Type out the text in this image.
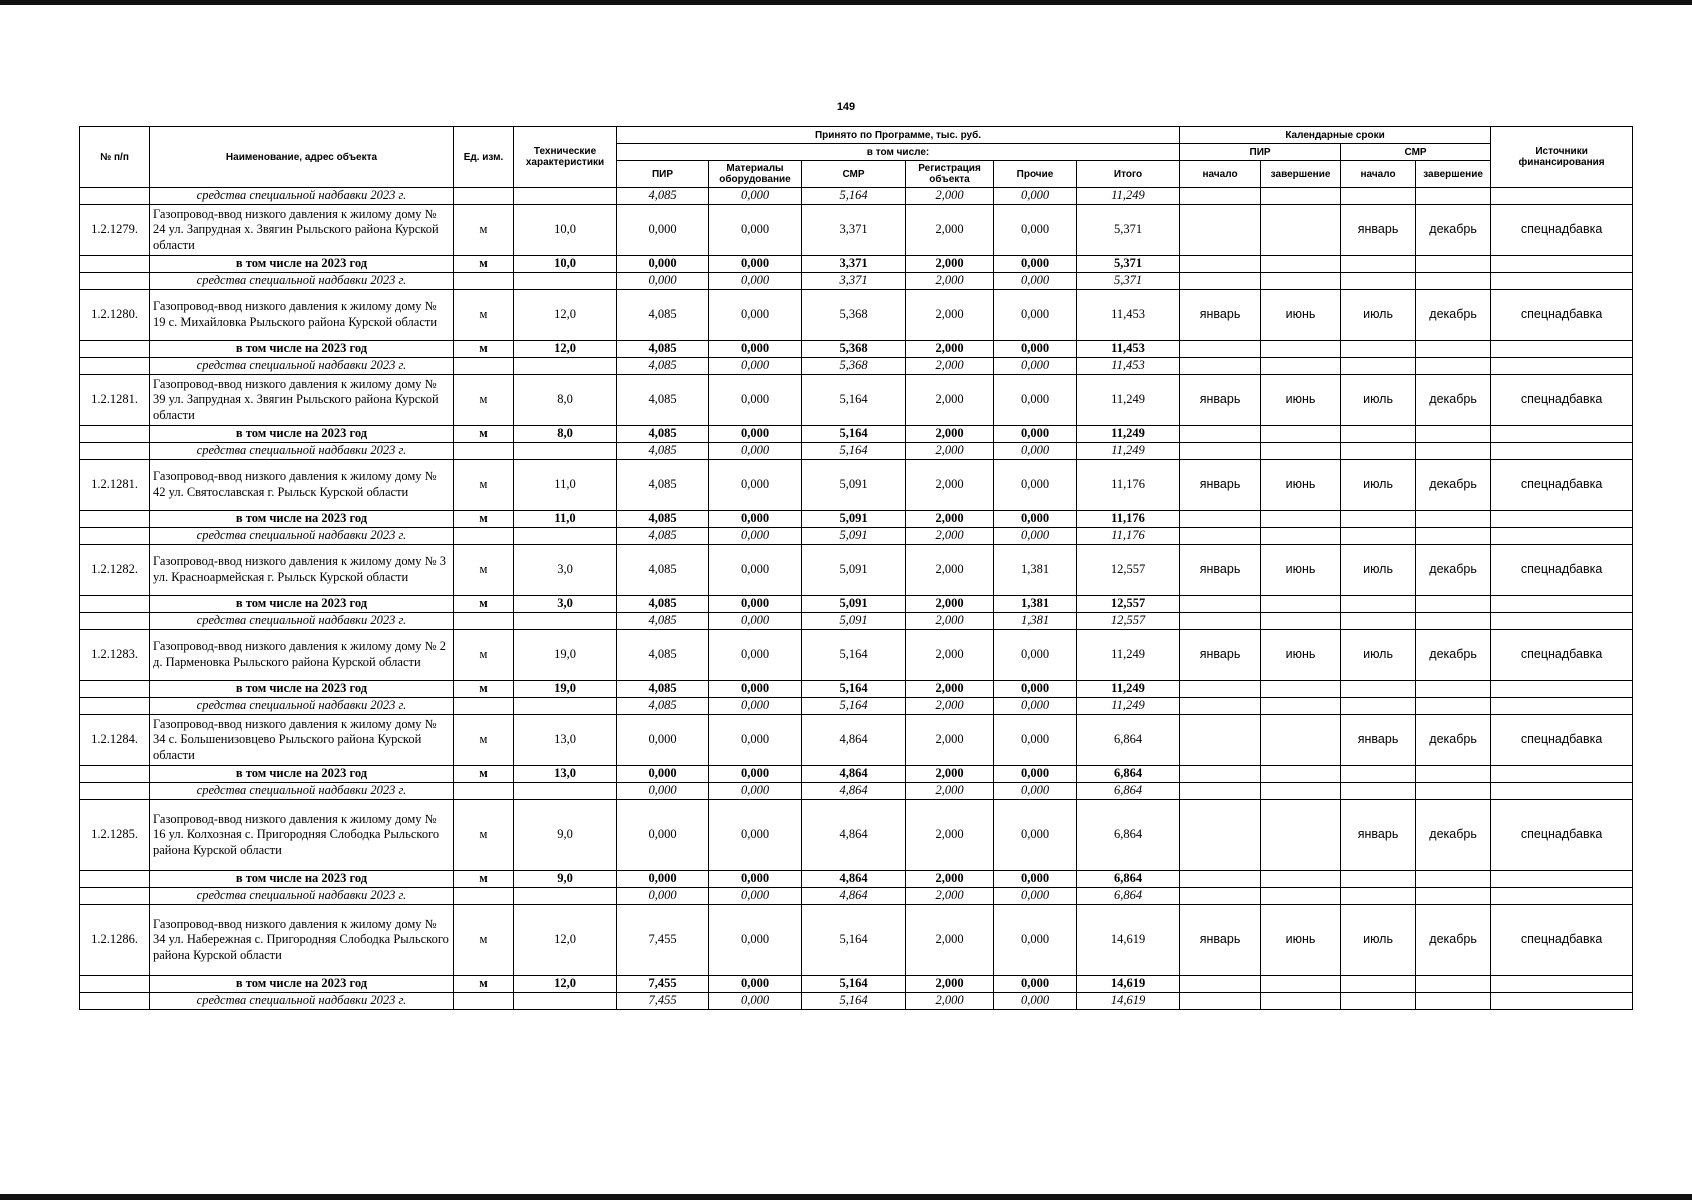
149
№ п/п	Наименование, адрес объекта	Ед. изм.	Технические характеристики	Принято по Программе, тыс. руб.						Календарные сроки				Источники финансирования
				в том числе:						ПИР		СМР		
				ПИР	Материалы оборудование	СМР	Регистрация объекта	Прочие	Итого	начало	завершение	начало	завершение	
	средства специальной надбавки 2023 г.			4,085	0,000	5,164	2,000	0,000	11,249					
1.2.1279.	Газопровод-ввод низкого давления к жилому дому № 24 ул. Запрудная х. Звягин Рыльского района Курской области	м	10,0	0,000	0,000	3,371	2,000	0,000	5,371			январь	декабрь	спецнадбавка
	в том числе на 2023 год	м	10,0	0,000	0,000	3,371	2,000	0,000	5,371					
	средства специальной надбавки 2023 г.			0,000	0,000	3,371	2,000	0,000	5,371					
1.2.1280.	Газопровод-ввод низкого давления к жилому дому № 19 с. Михайловка Рыльского района Курской области	м	12,0	4,085	0,000	5,368	2,000	0,000	11,453	январь	июнь	июль	декабрь	спецнадбавка
	в том числе на 2023 год	м	12,0	4,085	0,000	5,368	2,000	0,000	11,453					
	средства специальной надбавки 2023 г.			4,085	0,000	5,368	2,000	0,000	11,453					
1.2.1281.	Газопровод-ввод низкого давления к жилому дому № 39 ул. Запрудная х. Звягин Рыльского района Курской области	м	8,0	4,085	0,000	5,164	2,000	0,000	11,249	январь	июнь	июль	декабрь	спецнадбавка
	в том числе на 2023 год	м	8,0	4,085	0,000	5,164	2,000	0,000	11,249					
	средства специальной надбавки 2023 г.			4,085	0,000	5,164	2,000	0,000	11,249					
1.2.1281.	Газопровод-ввод низкого давления к жилому дому № 42 ул. Святославская г. Рыльск Курской области	м	11,0	4,085	0,000	5,091	2,000	0,000	11,176	январь	июнь	июль	декабрь	спецнадбавка
	в том числе на 2023 год	м	11,0	4,085	0,000	5,091	2,000	0,000	11,176					
	средства специальной надбавки 2023 г.			4,085	0,000	5,091	2,000	0,000	11,176					
1.2.1282.	Газопровод-ввод низкого давления к жилому дому № 3 ул. Красноармейская г. Рыльск Курской области	м	3,0	4,085	0,000	5,091	2,000	1,381	12,557	январь	июнь	июль	декабрь	спецнадбавка
	в том числе на 2023 год	м	3,0	4,085	0,000	5,091	2,000	1,381	12,557					
	средства специальной надбавки 2023 г.			4,085	0,000	5,091	2,000	1,381	12,557					
1.2.1283.	Газопровод-ввод низкого давления к жилому дому № 2 д. Парменовка Рыльского района Курской области	м	19,0	4,085	0,000	5,164	2,000	0,000	11,249	январь	июнь	июль	декабрь	спецнадбавка
	в том числе на 2023 год	м	19,0	4,085	0,000	5,164	2,000	0,000	11,249					
	средства специальной надбавки 2023 г.			4,085	0,000	5,164	2,000	0,000	11,249					
1.2.1284.	Газопровод-ввод низкого давления к жилому дому № 34 с. Большенизовцево Рыльского района Курской области	м	13,0	0,000	0,000	4,864	2,000	0,000	6,864			январь	декабрь	спецнадбавка
	в том числе на 2023 год	м	13,0	0,000	0,000	4,864	2,000	0,000	6,864					
	средства специальной надбавки 2023 г.			0,000	0,000	4,864	2,000	0,000	6,864					
1.2.1285.	Газопровод-ввод низкого давления к жилому дому № 16 ул. Колхозная с. Пригородняя Слободка Рыльского района Курской области	м	9,0	0,000	0,000	4,864	2,000	0,000	6,864			январь	декабрь	спецнадбавка
	в том числе на 2023 год	м	9,0	0,000	0,000	4,864	2,000	0,000	6,864					
	средства специальной надбавки 2023 г.			0,000	0,000	4,864	2,000	0,000	6,864					
1.2.1286.	Газопровод-ввод низкого давления к жилому дому № 34 ул. Набережная с. Пригородняя Слободка Рыльского района Курской области	м	12,0	7,455	0,000	5,164	2,000	0,000	14,619	январь	июнь	июль	декабрь	спецнадбавка
	в том числе на 2023 год	м	12,0	7,455	0,000	5,164	2,000	0,000	14,619					
	средства специальной надбавки 2023 г.			7,455	0,000	5,164	2,000	0,000	14,619					
